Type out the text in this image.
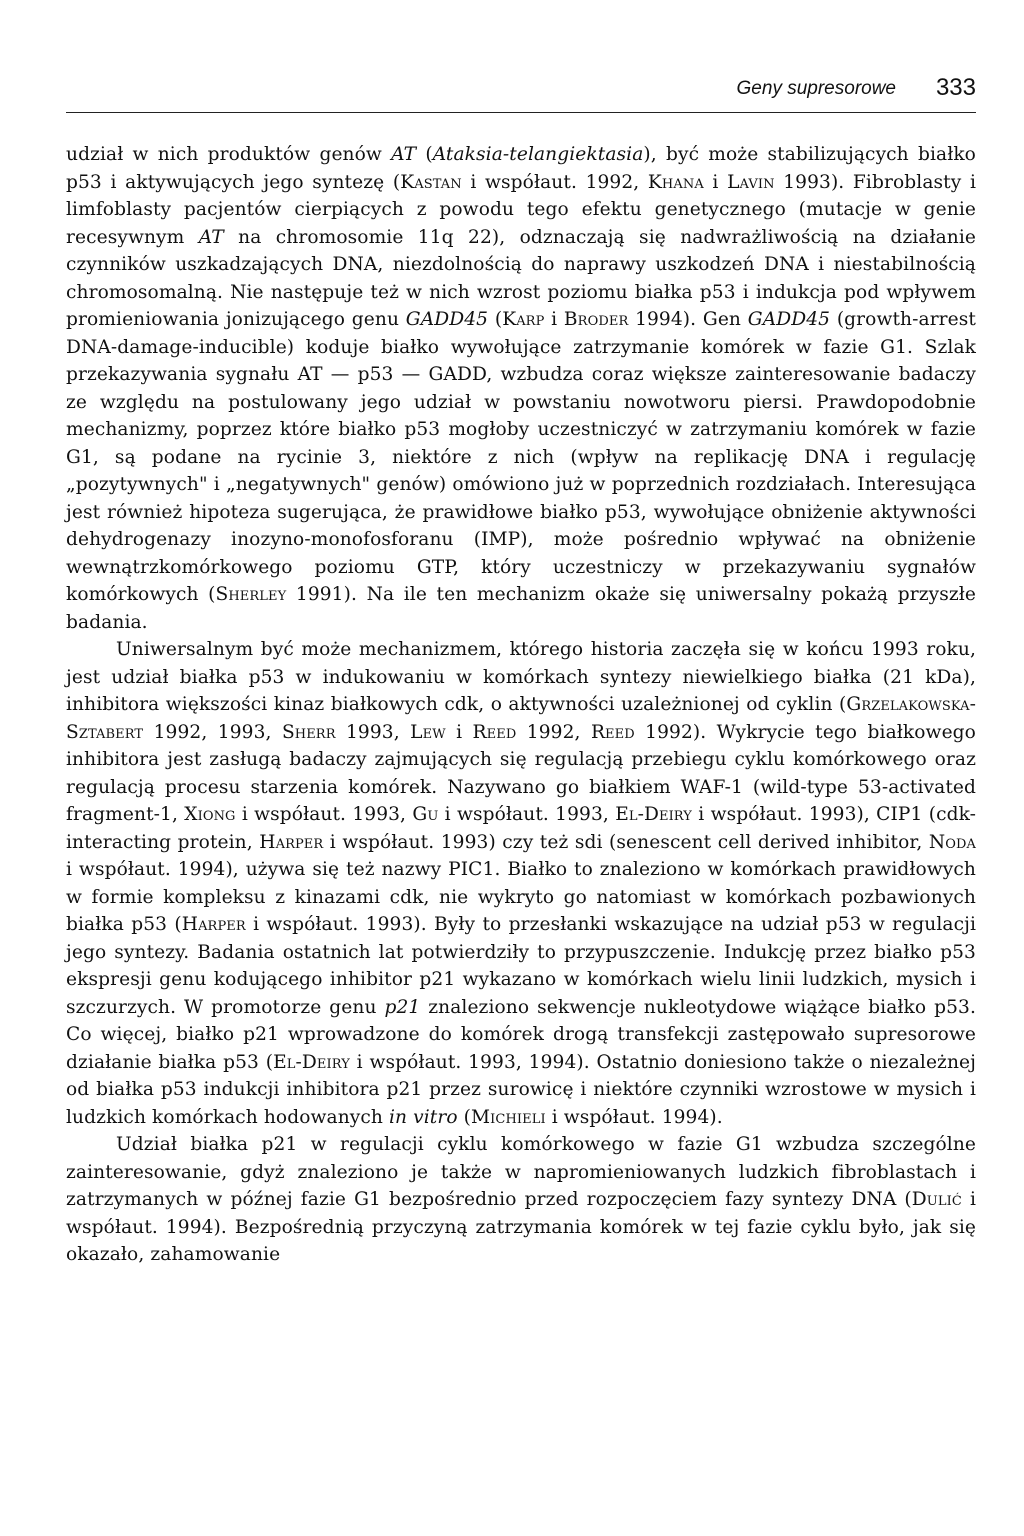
Geny supresorowe 333

udział w nich produktów genów AT (Ataksia-telangiektasia), być może stabilizujących białko p53 i aktywujących jego syntezę (Kastan i współaut. 1992, Khana i Lavin 1993). Fibroblasty i limfoblasty pacjentów cierpiących z powodu tego efektu genetycznego (mutacje w genie recesywnym AT na chromosomie 11q 22), odznaczają się nadwrażliwością na działanie czynników uszkadzających DNA, niezdolnością do naprawy uszkodzeń DNA i niestabilnością chromosomalną. Nie następuje też w nich wzrost poziomu białka p53 i indukcja pod wpływem promieniowania jonizującego genu GADD45 (Karp i Broder 1994). Gen GADD45 (growth-arrest DNA-damage-inducible) koduje białko wywołujące zatrzymanie komórek w fazie G1. Szlak przekazywania sygnału AT — p53 — GADD, wzbudza coraz większe zainteresowanie badaczy ze względu na postulowany jego udział w powstaniu nowotworu piersi. Prawdopodobnie mechanizmy, poprzez które białko p53 mogłoby uczestniczyć w zatrzymaniu komórek w fazie G1, są podane na rycinie 3, niektóre z nich (wpływ na replikację DNA i regulację „pozytywnych" i „negatywnych" genów) omówiono już w poprzednich rozdziałach. Interesująca jest również hipoteza sugerująca, że prawidłowe białko p53, wywołujące obniżenie aktywności dehydrogenazy inozyno-monofosforanu (IMP), może pośrednio wpływać na obniżenie wewnątrzkomórkowego poziomu GTP, który uczestniczy w przekazywaniu sygnałów komórkowych (Sherley 1991). Na ile ten mechanizm okaże się uniwersalny pokażą przyszłe badania.

Uniwersalnym być może mechanizmem, którego historia zaczęła się w końcu 1993 roku, jest udział białka p53 w indukowaniu w komórkach syntezy niewielkiego białka (21 kDa), inhibitora większości kinaz białkowych cdk, o aktywności uzależnionej od cyklin (Grzelakowska-Sztabert 1992, 1993, Sherr 1993, Lew i Reed 1992, Reed 1992). Wykrycie tego białkowego inhibitora jest zasługą badaczy zajmujących się regulacją przebiegu cyklu komórkowego oraz regulacją procesu starzenia komórek. Nazywano go białkiem WAF-1 (wild-type 53-activated fragment-1, Xiong i współaut. 1993, Gu i współaut. 1993, El-Deiry i współaut. 1993), CIP1 (cdk-interacting protein, Harper i współaut. 1993) czy też sdi (senescent cell derived inhibitor, Noda i współaut. 1994), używa się też nazwy PIC1. Białko to znaleziono w komórkach prawidłowych w formie kompleksu z kinazami cdk, nie wykryto go natomiast w komórkach pozbawionych białka p53 (Harper i współaut. 1993). Były to przesłanki wskazujące na udział p53 w regulacji jego syntezy. Badania ostatnich lat potwierdziły to przypuszczenie. Indukcję przez białko p53 ekspresji genu kodującego inhibitor p21 wykazano w komórkach wielu linii ludzkich, mysich i szczurzych. W promotorze genu p21 znaleziono sekwencje nukleotydowe wiążące białko p53. Co więcej, białko p21 wprowadzone do komórek drogą transfekcji zastępowało supresorowe działanie białka p53 (El-Deiry i współaut. 1993, 1994). Ostatnio doniesiono także o niezależnej od białka p53 indukcji inhibitora p21 przez surowicę i niektóre czynniki wzrostowe w mysich i ludzkich komórkach hodowanych in vitro (Michieli i współaut. 1994).

Udział białka p21 w regulacji cyklu komórkowego w fazie G1 wzbudza szczególne zainteresowanie, gdyż znaleziono je także w napromieniowanych ludzkich fibroblastach i zatrzymanych w późnej fazie G1 bezpośrednio przed rozpoczęciem fazy syntezy DNA (Dulić i współaut. 1994). Bezpośrednią przyczyną zatrzymania komórek w tej fazie cyklu było, jak się okazało, zahamowanie
